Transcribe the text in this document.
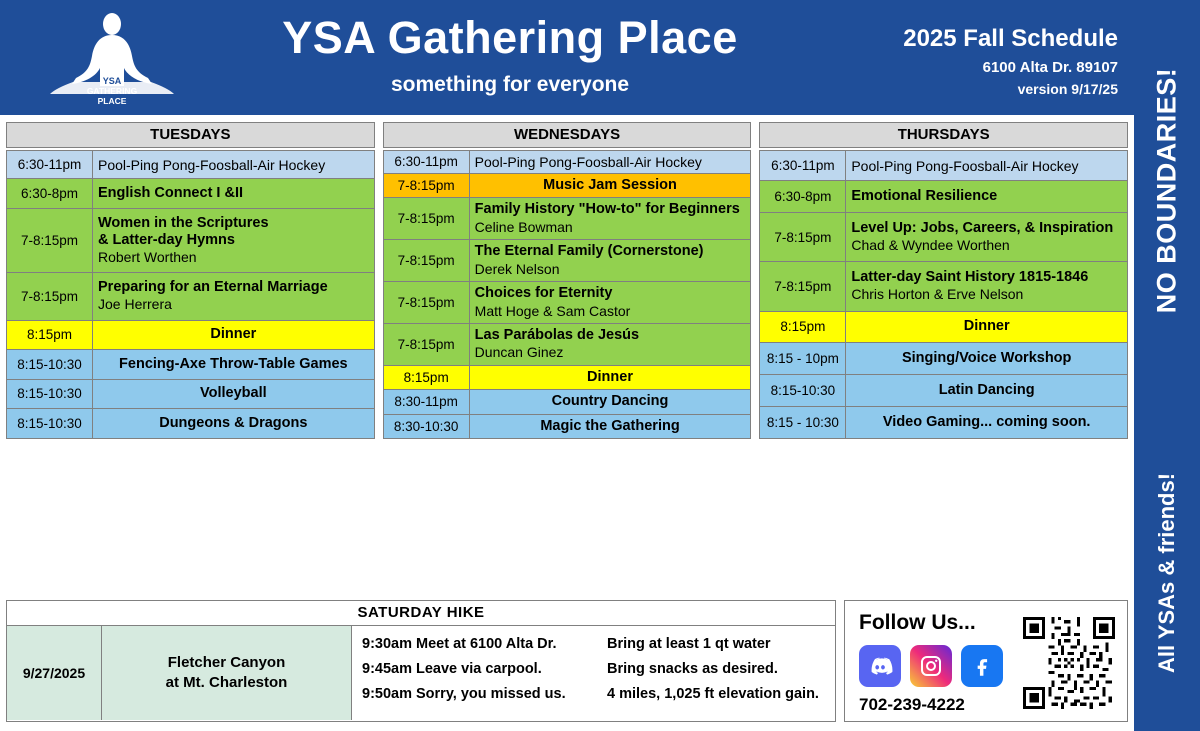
YSA
GATHERING
PLACE
YSA Gathering Place
something for everyone
2025 Fall Schedule
6100 Alta Dr. 89107
version 9/17/25 NO BOUNDARIES!
All YSAs & friends!
TUESDAYS
6:30-11pm	Pool-Ping Pong-Foosball-Air Hockey

6:30-8pm	English Connect I &II

7-8:15pm	Women in the Scriptures
& Latter-day Hymns
Robert Worthen

7-8:15pm	Preparing for an Eternal Marriage
Joe Herrera

8:15pm	Dinner

8:15-10:30	Fencing-Axe Throw-Table Games

8:15-10:30	Volleyball

8:15-10:30	Dungeons & Dragons
WEDNESDAYS
6:30-11pm	Pool-Ping Pong-Foosball-Air Hockey

7-8:15pm	Music Jam Session

7-8:15pm	Family History "How-to" for Beginners
Celine Bowman

7-8:15pm	The Eternal Family (Cornerstone)
Derek Nelson

7-8:15pm	Choices for Eternity
Matt Hoge & Sam Castor

7-8:15pm	Las Parábolas de Jesús
Duncan Ginez

8:15pm	Dinner

8:30-11pm	Country Dancing

8:30-10:30	Magic the Gathering
THURSDAYS
6:30-11pm	Pool-Ping Pong-Foosball-Air Hockey

6:30-8pm	Emotional Resilience

7-8:15pm	Level Up: Jobs, Careers, & Inspiration
Chad & Wyndee Worthen

7-8:15pm	Latter-day Saint History 1815-1846
Chris Horton & Erve Nelson

8:15pm	Dinner

8:15 - 10pm	Singing/Voice Workshop

8:15-10:30	Latin Dancing

8:15 - 10:30	Video Gaming... coming soon.
SATURDAY HIKE
9/27/2025
Fletcher Canyon
at Mt. Charleston
9:30am Meet at 6100 Alta Dr.	Bring at least 1 qt water
9:45am Leave via carpool.	Bring snacks as desired.
9:50am Sorry, you missed us.	4 miles, 1,025 ft elevation gain.
Follow Us...
702-239-4222
